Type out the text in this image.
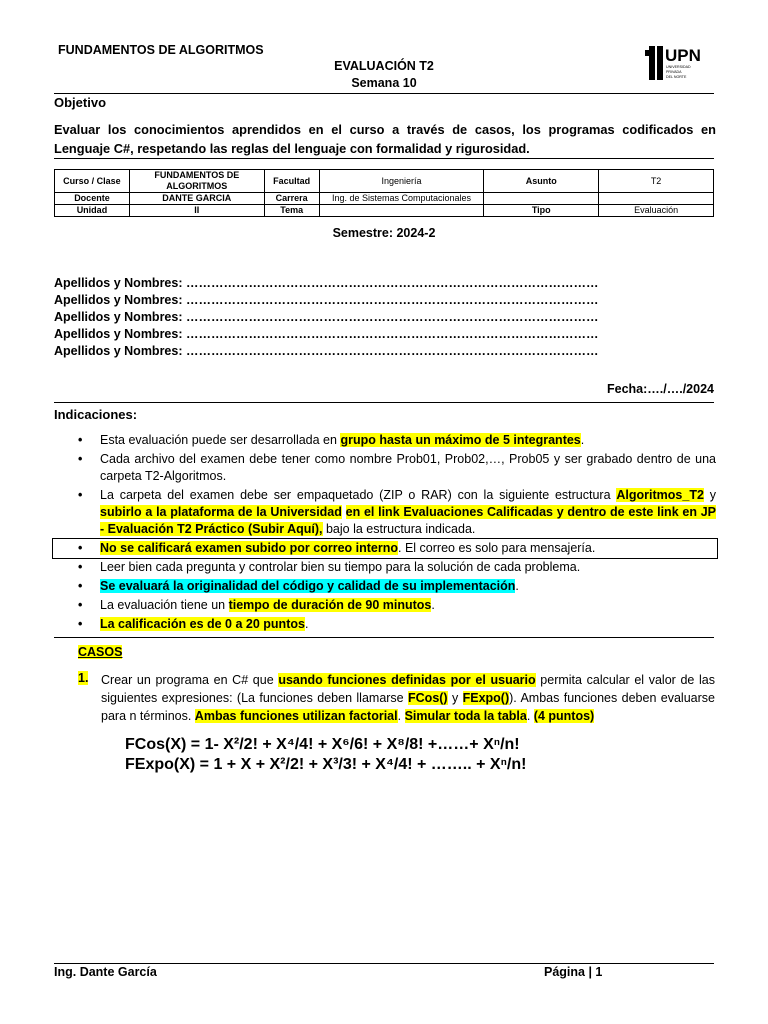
FUNDAMENTOS DE ALGORITMOS
EVALUACIÓN T2
Semana 10
UPN
UNIVERSIDAD
PRIVADA
DEL NORTE
Objetivo
Evaluar los conocimientos aprendidos en el curso a través de casos, los programas codificados en Lenguaje C#, respetando las reglas del lenguaje con formalidad y rigurosidad.
Curso / Clase	FUNDAMENTOS DE ALGORITMOS	Facultad	Ingeniería	Asunto	T2
Docente	DANTE GARCIA	Carrera	Ing. de Sistemas Computacionales		
Unidad	II	Tema		Tipo	Evaluación
Semestre: 2024-2
Apellidos y Nombres: ………………………………………………………………………………………
Apellidos y Nombres: ………………………………………………………………………………………
Apellidos y Nombres: ………………………………………………………………………………………
Apellidos y Nombres: ………………………………………………………………………………………
Apellidos y Nombres: ………………………………………………………………………………………
Fecha:…./…./2024
Indicaciones:
• Esta evaluación puede ser desarrollada en grupo hasta un máximo de 5 integrantes.
• Cada archivo del examen debe tener como nombre Prob01, Prob02,…, Prob05 y ser grabado dentro de una carpeta T2-Algoritmos.
• La carpeta del examen debe ser empaquetado (ZIP o RAR) con la siguiente estructura Algoritmos_T2 y subirlo a la plataforma de la Universidad en el link Evaluaciones Calificadas y dentro de este link en JP - Evaluación T2 Práctico (Subir Aquí), bajo la estructura indicada.
• No se calificará examen subido por correo interno. El correo es solo para mensajería.
• Leer bien cada pregunta y controlar bien su tiempo para la solución de cada problema.
• Se evaluará la originalidad del código y calidad de su implementación.
• La evaluación tiene un tiempo de duración de 90 minutos.
• La calificación es de 0 a 20 puntos.
CASOS
1. Crear un programa en C# que usando funciones definidas por el usuario permita calcular el valor de las siguientes expresiones: (La funciones deben llamarse FCos() y FExpo()). Ambas funciones deben evaluarse para n términos. Ambas funciones utilizan factorial. Simular toda la tabla. (4 puntos)
FCos(X) = 1- X²/2! + X⁴/4! + X⁶/6! + X⁸/8! +……+ Xⁿ/n!
FExpo(X) = 1 + X + X²/2! + X³/3! + X⁴/4! + …….. + Xⁿ/n!
Ing. Dante García	Página | 1
